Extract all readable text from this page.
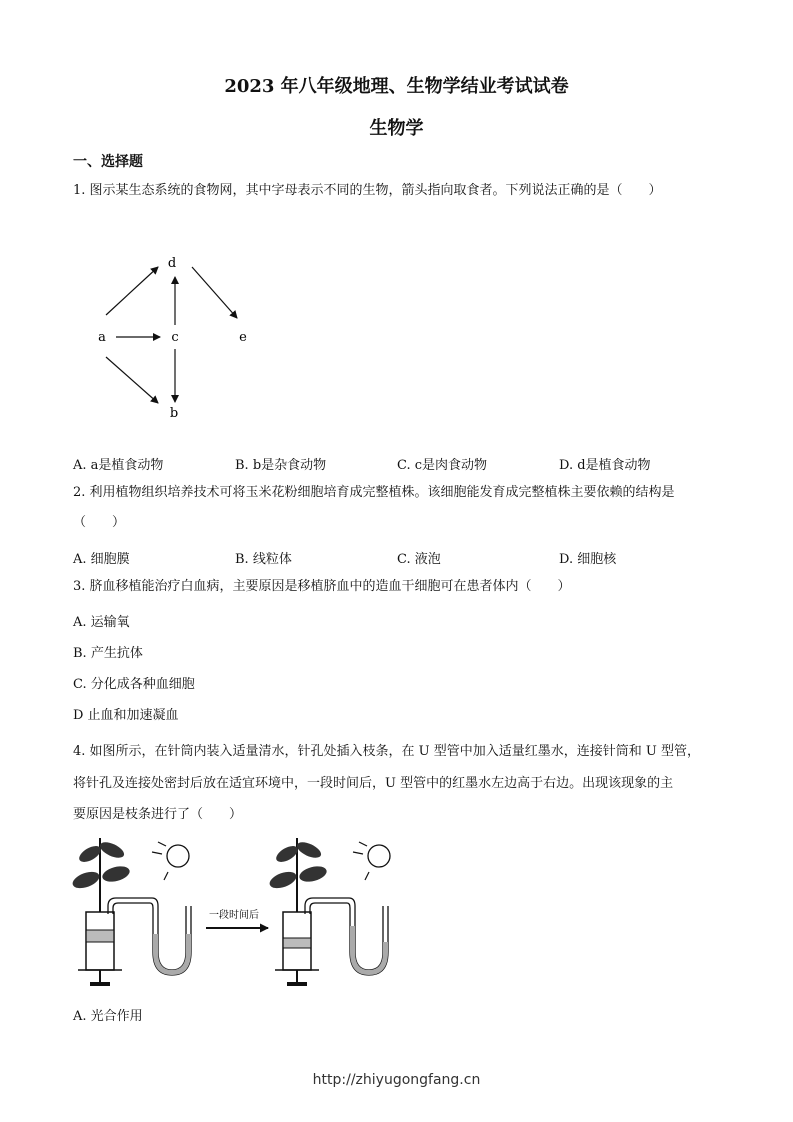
2023 年八年级地理、生物学结业考试试卷
生物学
一、选择题
1. 图示某生态系统的食物网，其中字母表示不同的生物，箭头指向取食者。下列说法正确的是（　　）
d
a	c	e
b
A. a是植食动物	B. b是杂食动物	C. c是肉食动物	D. d是植食动物
2. 利用植物组织培养技术可将玉米花粉细胞培育成完整植株。该细胞能发育成完整植株主要依赖的结构是
（　　）
A. 细胞膜	B. 线粒体	C. 液泡	D. 细胞核
3. 脐血移植能治疗白血病，主要原因是移植脐血中的造血干细胞可在患者体内（　　）
A. 运输氧
B. 产生抗体
C. 分化成各种血细胞
D 止血和加速凝血
4. 如图所示，在针筒内装入适量清水，针孔处插入枝条，在 U 型管中加入适量红墨水，连接针筒和 U 型管，
将针孔及连接处密封后放在适宜环境中，一段时间后，U 型管中的红墨水左边高于右边。出现该现象的主
要原因是枝条进行了（　　）
一段时间后
A. 光合作用
http://zhiyugongfang.cn
